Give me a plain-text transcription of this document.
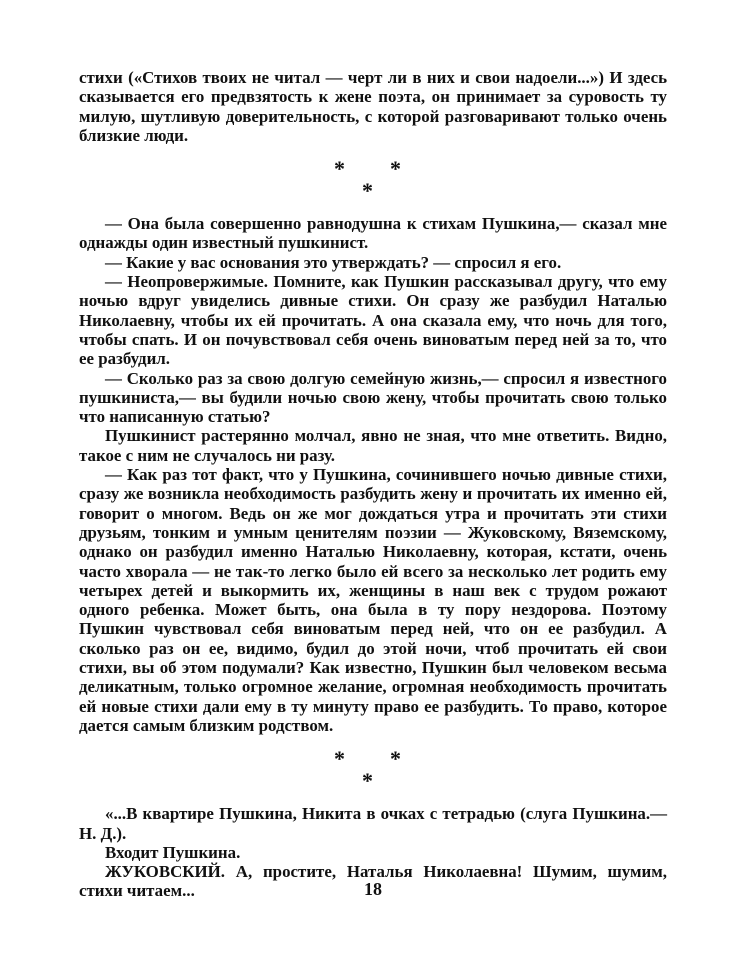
стихи («Стихов твоих не читал — черт ли в них и свои надоели...») И здесь сказывается его предвзятость к жене поэта, он принимает за суровость ту милую, шутливую доверительность, с которой разговаривают только очень близкие люди.

* *
*

— Она была совершенно равнодушна к стихам Пушкина,— сказал мне однажды один известный пушкинист.

— Какие у вас основания это утверждать? — спросил я его.

— Неопровержимые. Помните, как Пушкин рассказывал другу, что ему ночью вдруг увиделись дивные стихи. Он сразу же разбудил Наталью Николаевну, чтобы их ей прочитать. А она сказала ему, что ночь для того, чтобы спать. И он почувствовал себя очень виноватым перед ней за то, что ее разбудил.

— Сколько раз за свою долгую семейную жизнь,— спросил я известного пушкиниста,— вы будили ночью свою жену, чтобы прочитать свою только что написанную статью?

Пушкинист растерянно молчал, явно не зная, что мне ответить. Видно, такое с ним не случалось ни разу.

— Как раз тот факт, что у Пушкина, сочинившего ночью дивные стихи, сразу же возникла необходимость разбудить жену и прочитать их именно ей, говорит о многом. Ведь он же мог дождаться утра и прочитать эти стихи друзьям, тонким и умным ценителям поэзии — Жуковскому, Вяземскому, однако он разбудил именно Наталью Николаевну, которая, кстати, очень часто хворала — не так-то легко было ей всего за несколько лет родить ему четырех детей и выкормить их, женщины в наш век с трудом рожают одного ребенка. Может быть, она была в ту пору нездорова. Поэтому Пушкин чувствовал себя виноватым перед ней, что он ее разбудил. А сколько раз он ее, видимо, будил до этой ночи, чтоб прочитать ей свои стихи, вы об этом подумали? Как известно, Пушкин был человеком весьма деликатным, только огромное желание, огромная необходимость прочитать ей новые стихи дали ему в ту минуту право ее разбудить. То право, которое дается самым близким родством.

* *
*

«...В квартире Пушкина, Никита в очках с тетрадью (слуга Пушкина.— Н. Д.).

Входит Пушкина.

ЖУКОВСКИЙ. А, простите, Наталья Николаевна! Шумим, шумим, стихи читаем...	18
